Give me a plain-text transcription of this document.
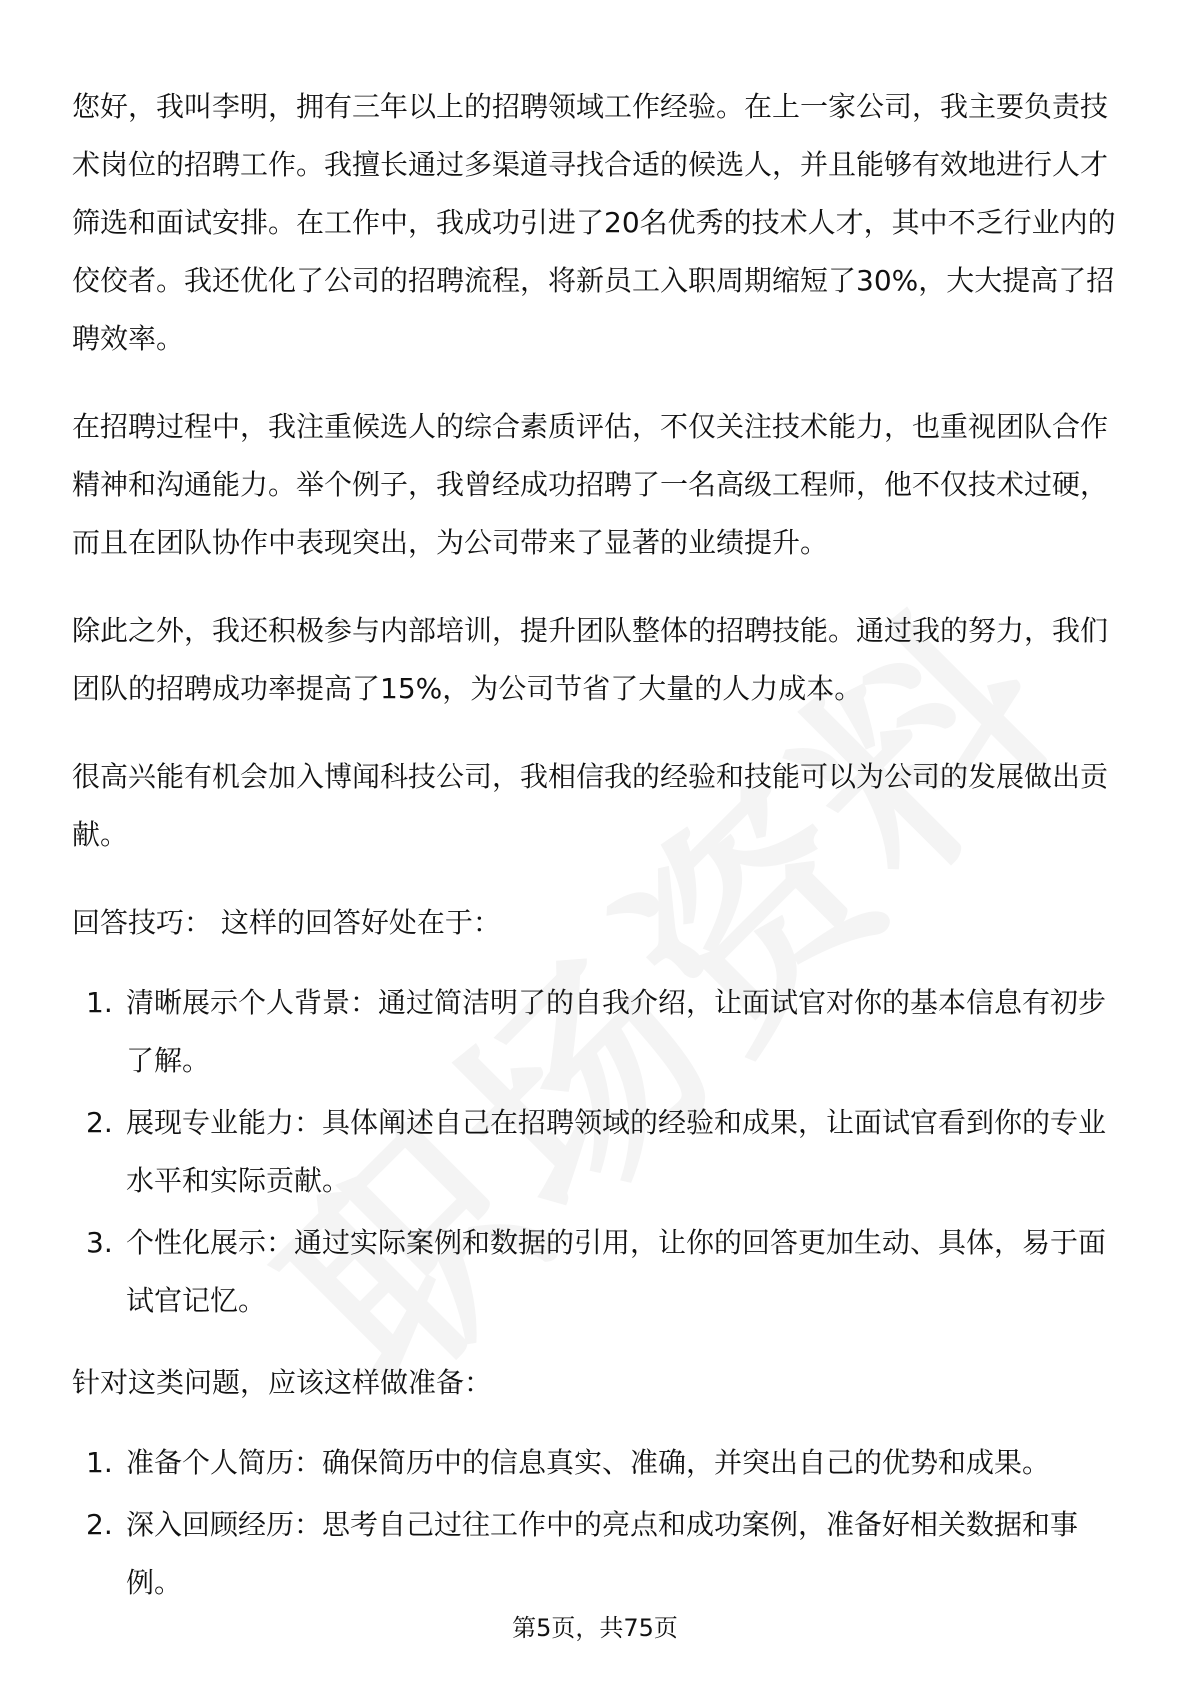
您好，我叫李明，拥有三年以上的招聘领域工作经验。在上一家公司，我主要负责技术岗位的招聘工作。我擅长通过多渠道寻找合适的候选人，并且能够有效地进行人才筛选和面试安排。在工作中，我成功引进了20名优秀的技术人才，其中不乏行业内的佼佼者。我还优化了公司的招聘流程，将新员工入职周期缩短了30%，大大提高了招聘效率。

在招聘过程中，我注重候选人的综合素质评估，不仅关注技术能力，也重视团队合作精神和沟通能力。举个例子，我曾经成功招聘了一名高级工程师，他不仅技术过硬，而且在团队协作中表现突出，为公司带来了显著的业绩提升。

除此之外，我还积极参与内部培训，提升团队整体的招聘技能。通过我的努力，我们团队的招聘成功率提高了15%，为公司节省了大量的人力成本。

很高兴能有机会加入博闻科技公司，我相信我的经验和技能可以为公司的发展做出贡献。

回答技巧： 这样的回答好处在于：

1. 清晰展示个人背景：通过简洁明了的自我介绍，让面试官对你的基本信息有初步了解。
2. 展现专业能力：具体阐述自己在招聘领域的经验和成果，让面试官看到你的专业水平和实际贡献。
3. 个性化展示：通过实际案例和数据的引用，让你的回答更加生动、具体，易于面试官记忆。

针对这类问题，应该这样做准备：

1. 准备个人简历：确保简历中的信息真实、准确，并突出自己的优势和成果。
2. 深入回顾经历：思考自己过往工作中的亮点和成功案例，准备好相关数据和事例。
第5页，共75页
